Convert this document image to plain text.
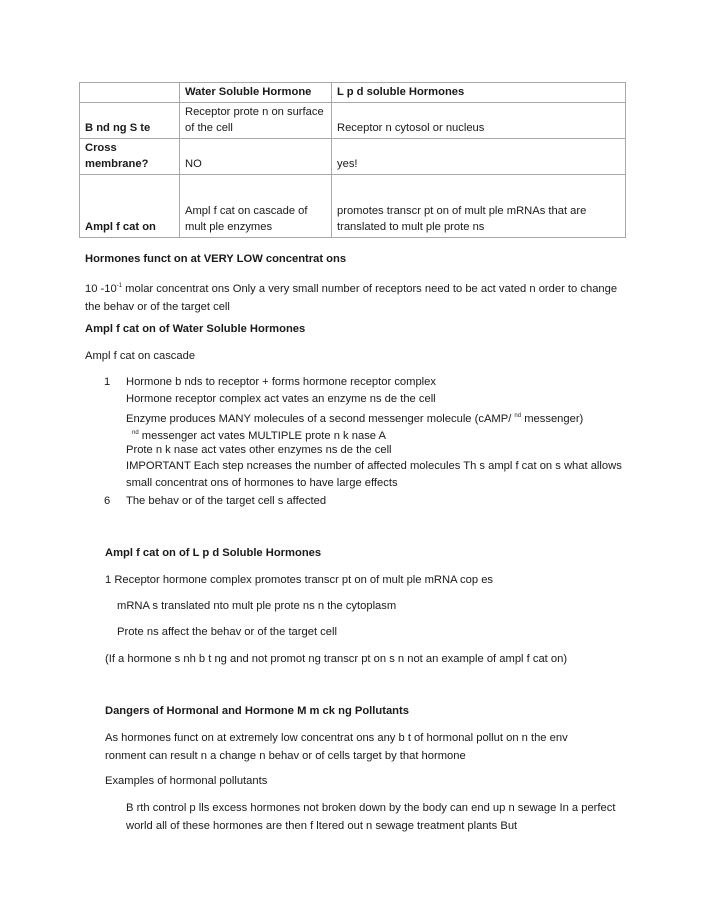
	Water Soluble Hormone	L p d soluble Hormones
B nd ng S te	Receptor prote n on surface of the cell	Receptor n cytosol or nucleus
Cross membrane?	NO	yes!
Ampl f cat on	Ampl f cat on cascade of mult ple enzymes	promotes transcr pt on of mult ple mRNAs that are translated to mult ple prote ns
Hormones funct on at VERY LOW concentrat ons
10 $-10^{-1}$ molar concentrat ons Only a very small number of receptors need to be act vated n order to change the behav or of the target cell
Ampl f cat on of Water Soluble Hormones
Ampl f cat on cascade
1	Hormone b nds to receptor + forms hormone receptor complex
Hormone receptor complex act vates an enzyme ns de the cell
Enzyme produces MANY molecules of a second messenger molecule (cAMP/ $^{nd}$ messenger)
$^{nd}$ messenger act vates MULTIPLE prote n k nase A
Prote n k nase act vates other enzymes ns de the cell
IMPORTANT Each step ncreases the number of affected molecules Th s ampl f cat on s what allows small concentrat ons of hormones to have large effects
6	The behav or of the target cell s affected
Ampl f cat on of L p d Soluble Hormones
1 Receptor hormone complex promotes transcr pt on of mult ple mRNA cop es
mRNA s translated nto mult ple prote ns n the cytoplasm
Prote ns affect the behav or of the target cell
(If a hormone s nh b t ng and not promot ng transcr pt on s n not an example of ampl f cat on)
Dangers of Hormonal and Hormone M m ck ng Pollutants
As hormones funct on at extremely low concentrat ons any b t of hormonal pollut on n the env ronment can result n a change n behav or of cells target by that hormone
Examples of hormonal pollutants
B rth control p lls excess hormones not broken down by the body can end up n sewage In a perfect world all of these hormones are then f ltered out n sewage treatment plants But
